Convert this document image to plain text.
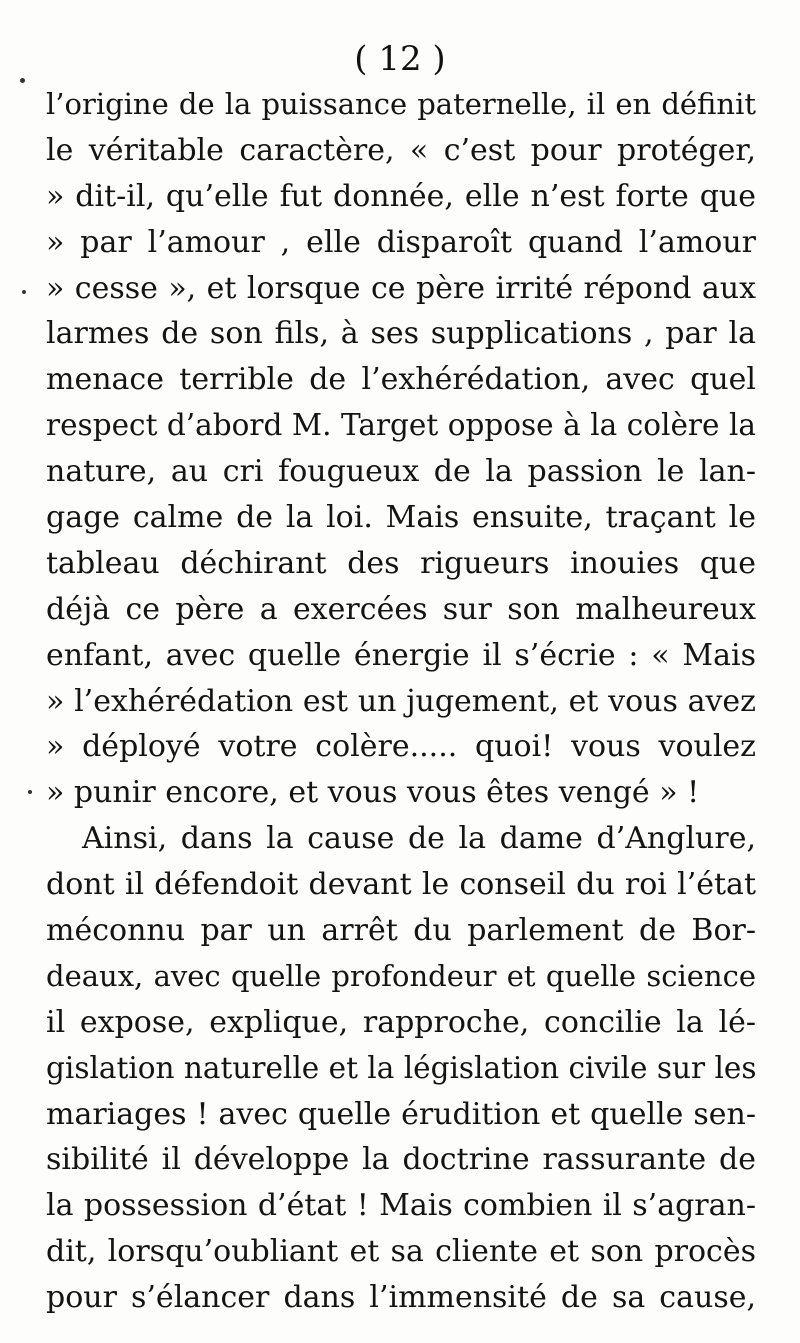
( 12 )
l’origine de la puissance paternelle, il en définit
le véritable caractère, « c’est pour protéger,
» dit-il, qu’elle fut donnée, elle n’est forte que
» par l’amour , elle disparoît quand l’amour
» cesse », et lorsque ce père irrité répond aux
larmes de son fils, à ses supplications , par la
menace terrible de l’exhérédation, avec quel
respect d’abord M. Target oppose à la colère la
nature, au cri fougueux de la passion le lan-
gage calme de la loi. Mais ensuite, traçant le
tableau déchirant des rigueurs inouies que
déjà ce père a exercées sur son malheureux
enfant, avec quelle énergie il s’écrie : « Mais
» l’exhérédation est un jugement, et vous avez
» déployé votre colère..... quoi! vous voulez
» punir encore, et vous vous êtes vengé » !
Ainsi, dans la cause de la dame d’Anglure,
dont il défendoit devant le conseil du roi l’état
méconnu par un arrêt du parlement de Bor-
deaux, avec quelle profondeur et quelle science
il expose, explique, rapproche, concilie la lé-
gislation naturelle et la législation civile sur les
mariages ! avec quelle érudition et quelle sen-
sibilité il développe la doctrine rassurante de
la possession d’état ! Mais combien il s’agran-
dit, lorsqu’oubliant et sa cliente et son procès
pour s’élancer dans l’immensité de sa cause,
